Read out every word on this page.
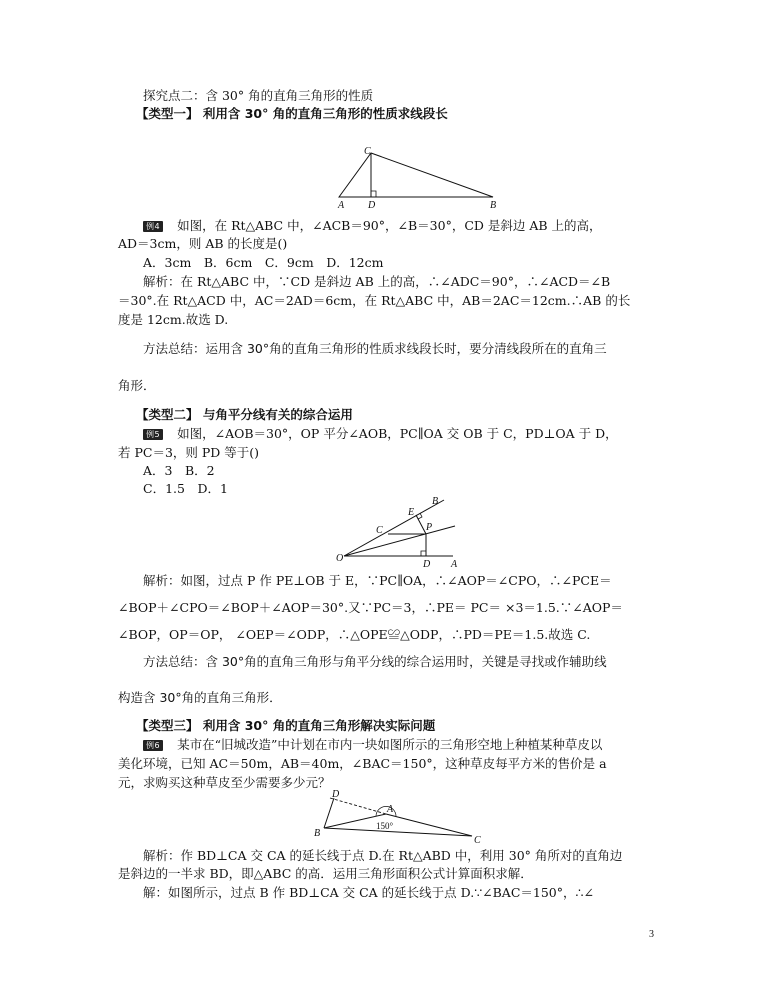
探究点二：含 30° 角的直角三角形的性质
【类型一】 利用含 30° 角的直角三角形的性质求线段长
C
A D	B
例4 如图，在 Rt△ABC 中，∠ACB＝90°，∠B＝30°，CD 是斜边 AB 上的高，
AD＝3cm，则 AB 的长度是()
A．3cm　B．6cm　C．9cm　D．12cm
解析：在 Rt△ABC 中，∵CD 是斜边 AB 上的高，∴∠ADC＝90°，∴∠ACD＝∠B
＝30°.在 Rt△ACD 中，AC＝2AD＝6cm，在 Rt△ABC 中，AB＝2AC＝12cm.∴AB 的长
度是 12cm.故选 D.
方法总结：运用含 30°角的直角三角形的性质求线段长时，要分清线段所在的直角三
角形．
【类型二】 与角平分线有关的综合运用
例5 如图，∠AOB＝30°，OP 平分∠AOB，PC∥OA 交 OB 于 C，PD⊥OA 于 D，
若 PC＝3，则 PD 等于()
A．3　B．2
C．1.5　D．1
B
E
C	P
O
D A
解析：如图，过点 P 作 PE⊥OB 于 E，∵PC∥OA，∴∠AOP＝∠CPO，∴∠PCE＝
∠BOP＋∠CPO＝∠BOP＋∠AOP＝30°.又∵PC＝3，∴PE＝ PC＝ ×3＝1.5.∵∠AOP＝
∠BOP，OP＝OP， ∠OEP＝∠ODP，∴△OPE≌△ODP，∴PD＝PE＝1.5.故选 C.
方法总结：含 30°角的直角三角形与角平分线的综合运用时，关键是寻找或作辅助线
构造含 30°角的直角三角形．
【类型三】 利用含 30° 角的直角三角形解决实际问题
例6 某市在“旧城改造”中计划在市内一块如图所示的三角形空地上种植某种草皮以
美化环境，已知 AC＝50m，AB＝40m，∠BAC＝150°，这种草皮每平方米的售价是 a
元，求购买这种草皮至少需要多少元？
D
A
150°
B
C
解析：作 BD⊥CA 交 CA 的延长线于点 D.在 Rt△ABD 中，利用 30° 角所对的直角边
是斜边的一半求 BD，即△ABC 的高．运用三角形面积公式计算面积求解．
解：如图所示，过点 B 作 BD⊥CA 交 CA 的延长线于点 D.∵∠BAC＝150°，∴∠
3
